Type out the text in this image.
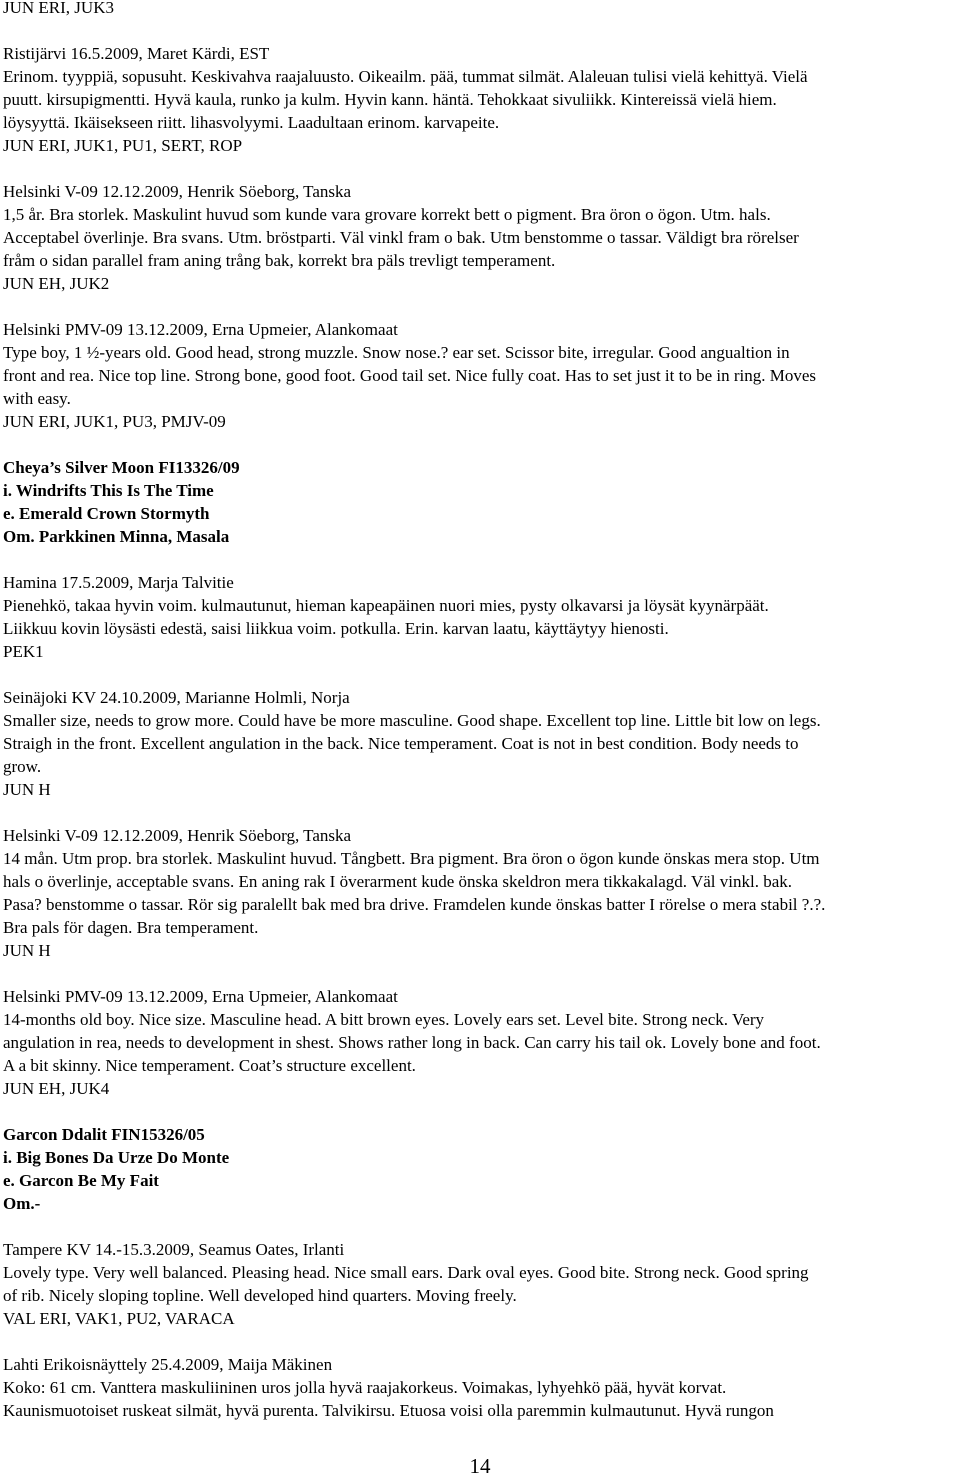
JUN ERI, JUK3
Ristijärvi 16.5.2009, Maret Kärdi, EST
Erinom. tyyppiä, sopusuht. Keskivahva raajaluusto. Oikeailm. pää, tummat silmät. Alaleuan tulisi vielä kehittyä. Vielä
puutt. kirsupigmentti. Hyvä kaula, runko ja kulm. Hyvin kann. häntä. Tehokkaat sivuliikk. Kintereissä vielä hiem.
löysyyttä. Ikäisekseen riitt. lihasvolyymi. Laadultaan erinom. karvapeite.
JUN ERI, JUK1, PU1, SERT, ROP
Helsinki V-09 12.12.2009, Henrik Söeborg, Tanska
1,5 år. Bra storlek. Maskulint huvud som kunde vara grovare korrekt bett o pigment. Bra öron o ögon. Utm. hals.
Acceptabel överlinje. Bra svans. Utm. bröstparti. Väl vinkl fram o bak. Utm benstomme o tassar. Väldigt bra rörelser
fråm o sidan parallel fram aning trång bak, korrekt bra päls trevligt temperament.
JUN EH, JUK2
Helsinki PMV-09 13.12.2009, Erna Upmeier, Alankomaat
Type boy, 1 ½-years old. Good head, strong muzzle. Snow nose.? ear set. Scissor bite, irregular. Good angualtion in
front and rea. Nice top line. Strong bone, good foot. Good tail set. Nice fully coat. Has to set just it to be in ring. Moves
with easy.
JUN ERI, JUK1, PU3, PMJV-09
Cheya’s Silver Moon FI13326/09
i. Windrifts This Is The Time
e. Emerald Crown Stormyth
Om. Parkkinen Minna, Masala
Hamina 17.5.2009, Marja Talvitie
Pienehkö, takaa hyvin voim. kulmautunut, hieman kapeapäinen nuori mies, pysty olkavarsi ja löysät kyynärpäät.
Liikkuu kovin löysästi edestä, saisi liikkua voim. potkulla. Erin. karvan laatu, käyttäytyy hienosti.
PEK1
Seinäjoki KV 24.10.2009, Marianne Holmli, Norja
Smaller size, needs to grow more. Could have be more masculine. Good shape. Excellent top line. Little bit low on legs.
Straigh in the front. Excellent angulation in the back. Nice temperament. Coat is not in best condition. Body needs to
grow.
JUN H
Helsinki V-09 12.12.2009, Henrik Söeborg, Tanska
14 mån. Utm prop. bra storlek. Maskulint huvud. Tångbett. Bra pigment. Bra öron o ögon kunde önskas mera stop. Utm
hals o överlinje, acceptable svans. En aning rak I överarment kude önska skeldron mera tikkakalagd. Väl vinkl. bak.
Pasa? benstomme o tassar. Rör sig paralellt bak med bra drive. Framdelen kunde önskas batter I rörelse o mera stabil ?.?.
Bra pals för dagen. Bra temperament.
JUN H
Helsinki PMV-09 13.12.2009, Erna Upmeier, Alankomaat
14-months old boy. Nice size. Masculine head. A bitt brown eyes. Lovely ears set. Level bite. Strong neck. Very
angulation in rea, needs to development in shest. Shows rather long in back. Can carry his tail ok. Lovely bone and foot.
A a bit skinny. Nice temperament. Coat’s structure excellent.
JUN EH, JUK4
Garcon Ddalit FIN15326/05
i. Big Bones Da Urze Do Monte
e. Garcon Be My Fait
Om.-
Tampere KV 14.-15.3.2009, Seamus Oates, Irlanti
Lovely type. Very well balanced. Pleasing head. Nice small ears. Dark oval eyes. Good bite. Strong neck. Good spring
of rib. Nicely sloping topline. Well developed hind quarters. Moving freely.
VAL ERI, VAK1, PU2, VARACA
Lahti Erikoisnäyttely 25.4.2009, Maija Mäkinen
Koko: 61 cm. Vanttera maskuliininen uros jolla hyvä raajakorkeus. Voimakas, lyhyehkö pää, hyvät korvat.
Kaunismuotoiset ruskeat silmät, hyvä purenta. Talvikirsu. Etuosa voisi olla paremmin kulmautunut. Hyvä rungon
14
